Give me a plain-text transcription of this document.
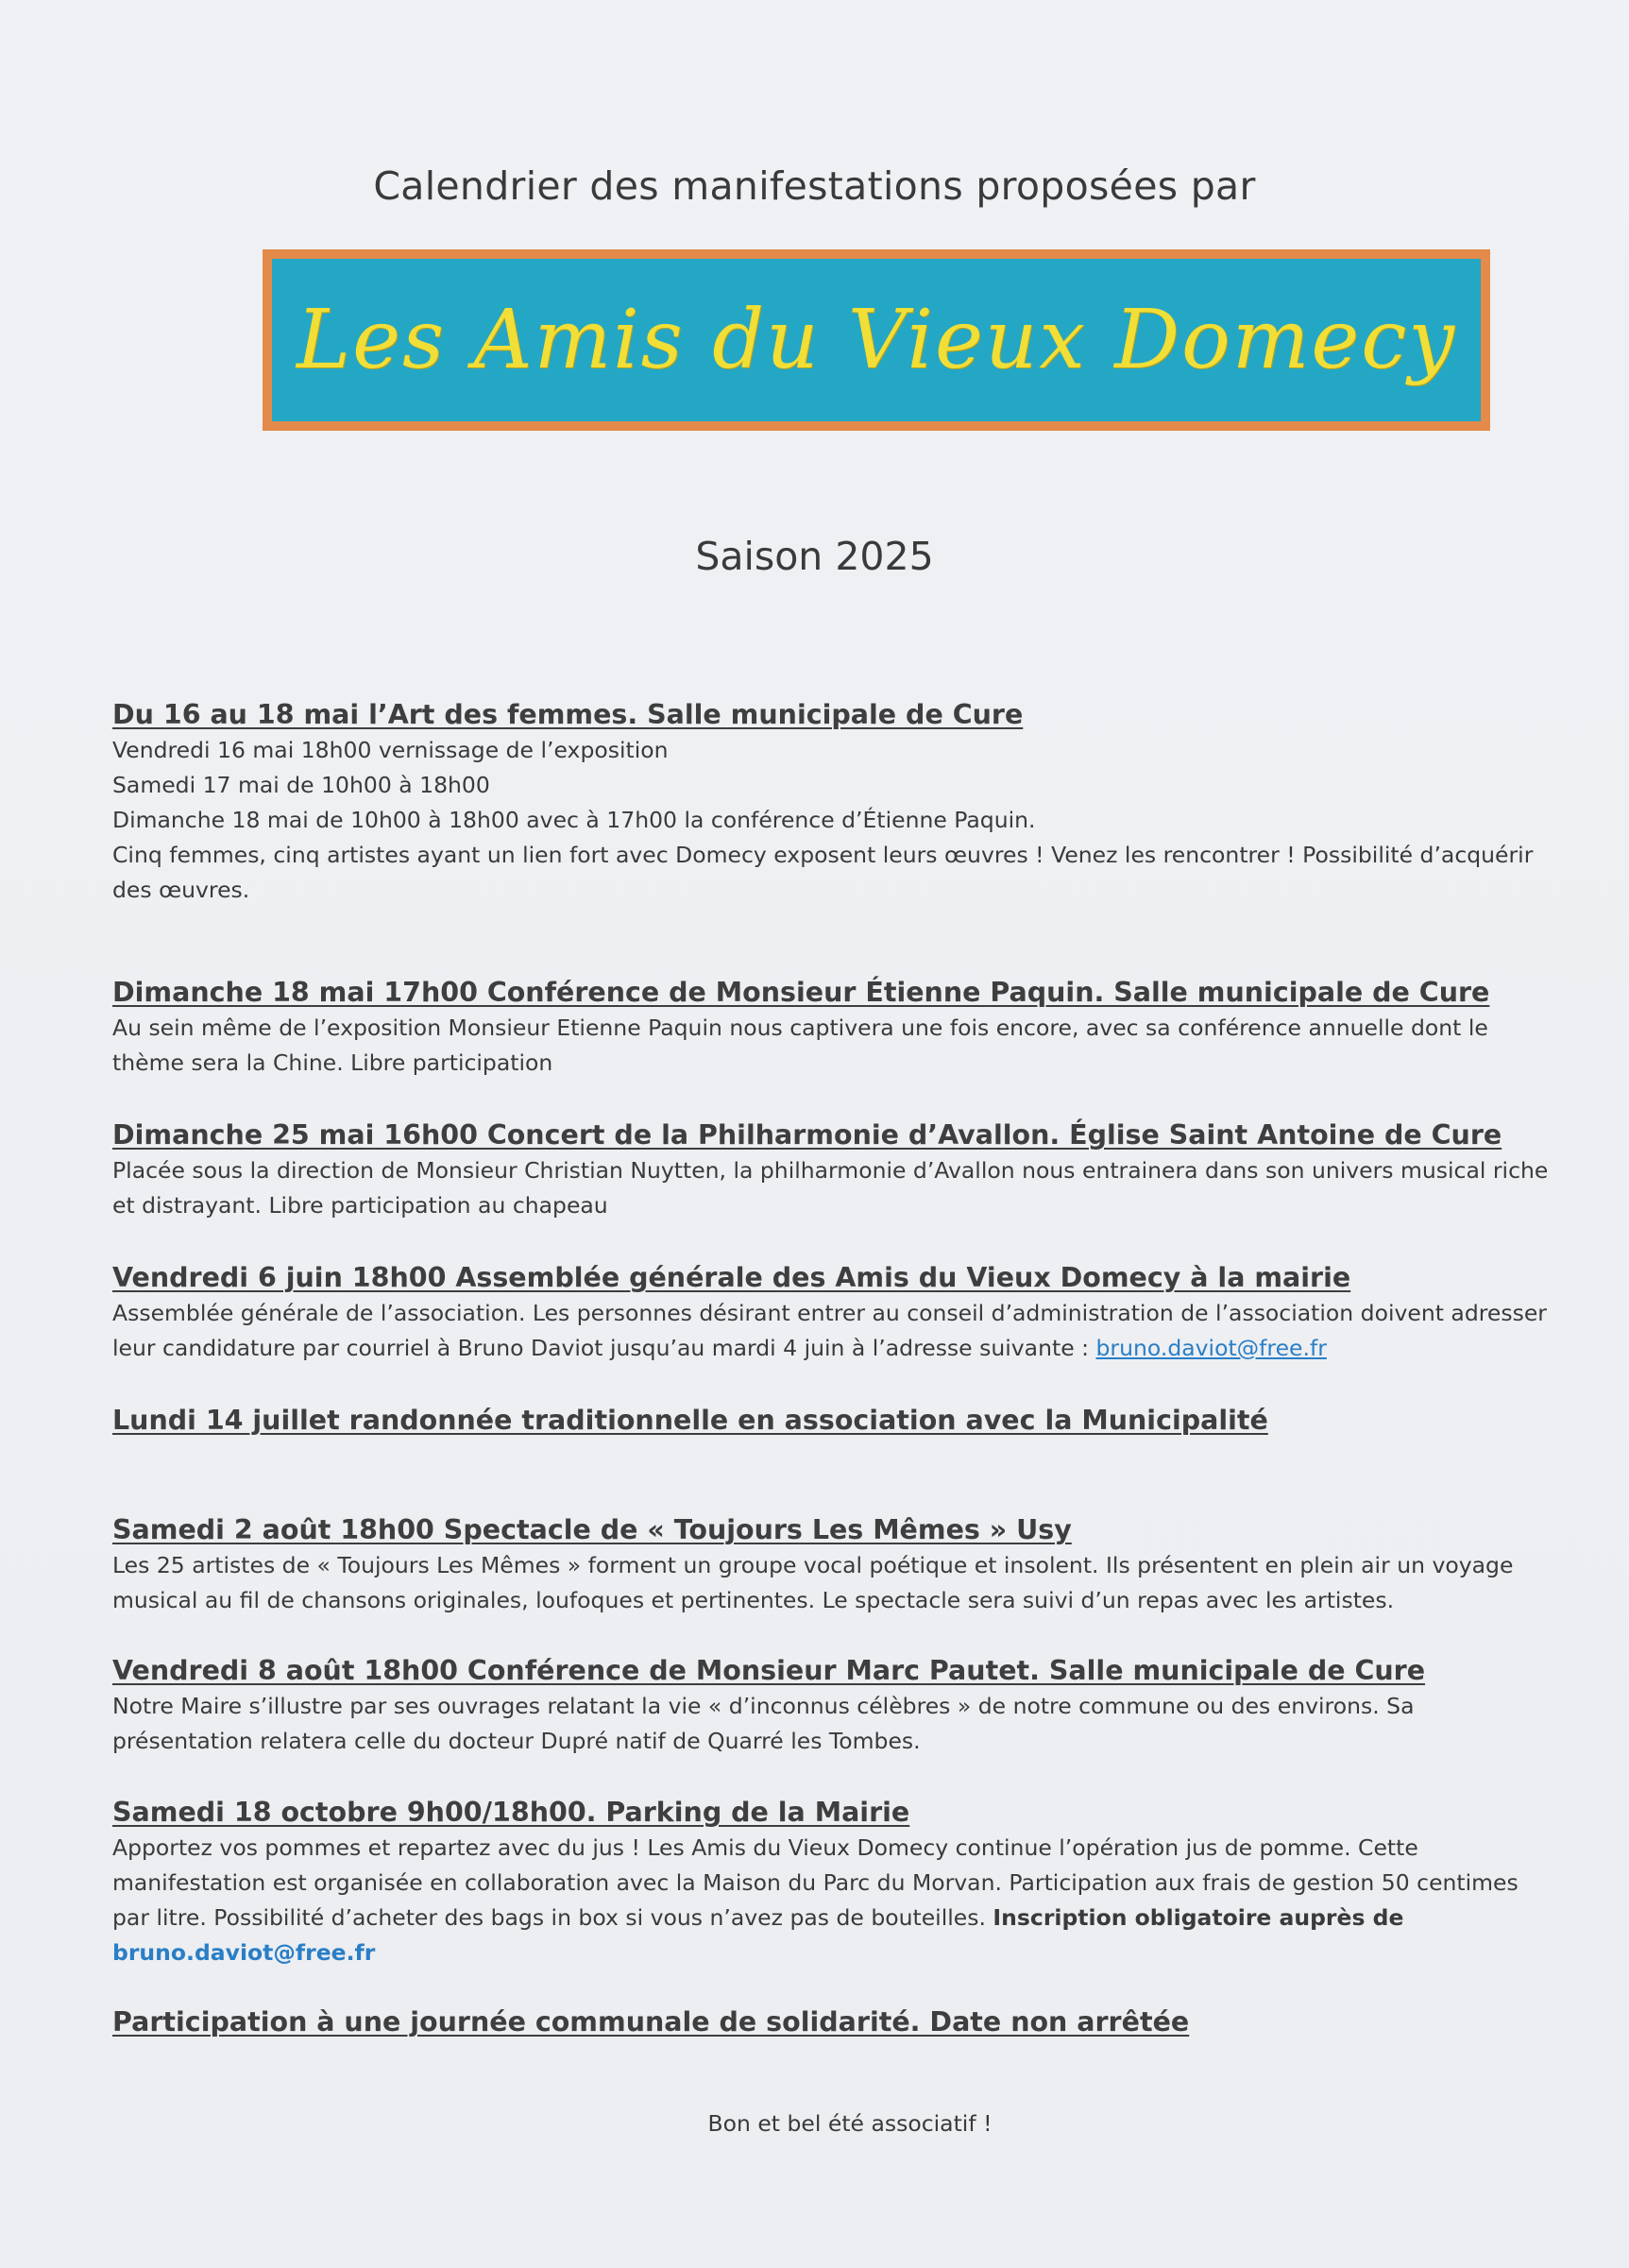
Calendrier des manifestations proposées par
Les Amis du Vieux Domecy
Saison 2025
Du 16 au 18 mai l’Art des femmes. Salle municipale de Cure

Vendredi 16 mai 18h00 vernissage de l’exposition

Samedi 17 mai de 10h00 à 18h00

Dimanche 18 mai de 10h00 à 18h00 avec à 17h00 la conférence d’Étienne Paquin.

Cinq femmes, cinq artistes ayant un lien fort avec Domecy exposent leurs œuvres ! Venez les rencontrer ! Possibilité d’acquérir des œuvres.

Dimanche 18 mai 17h00 Conférence de Monsieur Étienne Paquin. Salle municipale de Cure

Au sein même de l’exposition Monsieur Etienne Paquin nous captivera une fois encore, avec sa conférence annuelle dont le thème sera la Chine. Libre participation

Dimanche 25 mai 16h00 Concert de la Philharmonie d’Avallon. Église Saint Antoine de Cure

Placée sous la direction de Monsieur Christian Nuytten, la philharmonie d’Avallon nous entrainera dans son univers musical riche et distrayant. Libre participation au chapeau

Vendredi 6 juin 18h00 Assemblée générale des Amis du Vieux Domecy à la mairie

Assemblée générale de l’association. Les personnes désirant entrer au conseil d’administration de l’association doivent adresser leur candidature par courriel à Bruno Daviot jusqu’au mardi 4 juin à l’adresse suivante : bruno.daviot@free.fr

Lundi 14 juillet randonnée traditionnelle en association avec la Municipalité
Samedi 2 août 18h00 Spectacle de « Toujours Les Mêmes » Usy

Les 25 artistes de « Toujours Les Mêmes » forment un groupe vocal poétique et insolent. Ils présentent en plein air un voyage musical au fil de chansons originales, loufoques et pertinentes. Le spectacle sera suivi d’un repas avec les artistes.

Vendredi 8 août 18h00 Conférence de Monsieur Marc Pautet. Salle municipale de Cure

Notre Maire s’illustre par ses ouvrages relatant la vie « d’inconnus célèbres » de notre commune ou des environs. Sa présentation relatera celle du docteur Dupré natif de Quarré les Tombes.

Samedi 18 octobre 9h00/18h00. Parking de la Mairie

Apportez vos pommes et repartez avec du jus ! Les Amis du Vieux Domecy continue l’opération jus de pomme. Cette manifestation est organisée en collaboration avec la Maison du Parc du Morvan. Participation aux frais de gestion 50 centimes par litre. Possibilité d’acheter des bags in box si vous n’avez pas de bouteilles. Inscription obligatoire auprès de
bruno.daviot@free.fr

Participation à une journée communale de solidarité. Date non arrêtée
Bon et bel été associatif !
